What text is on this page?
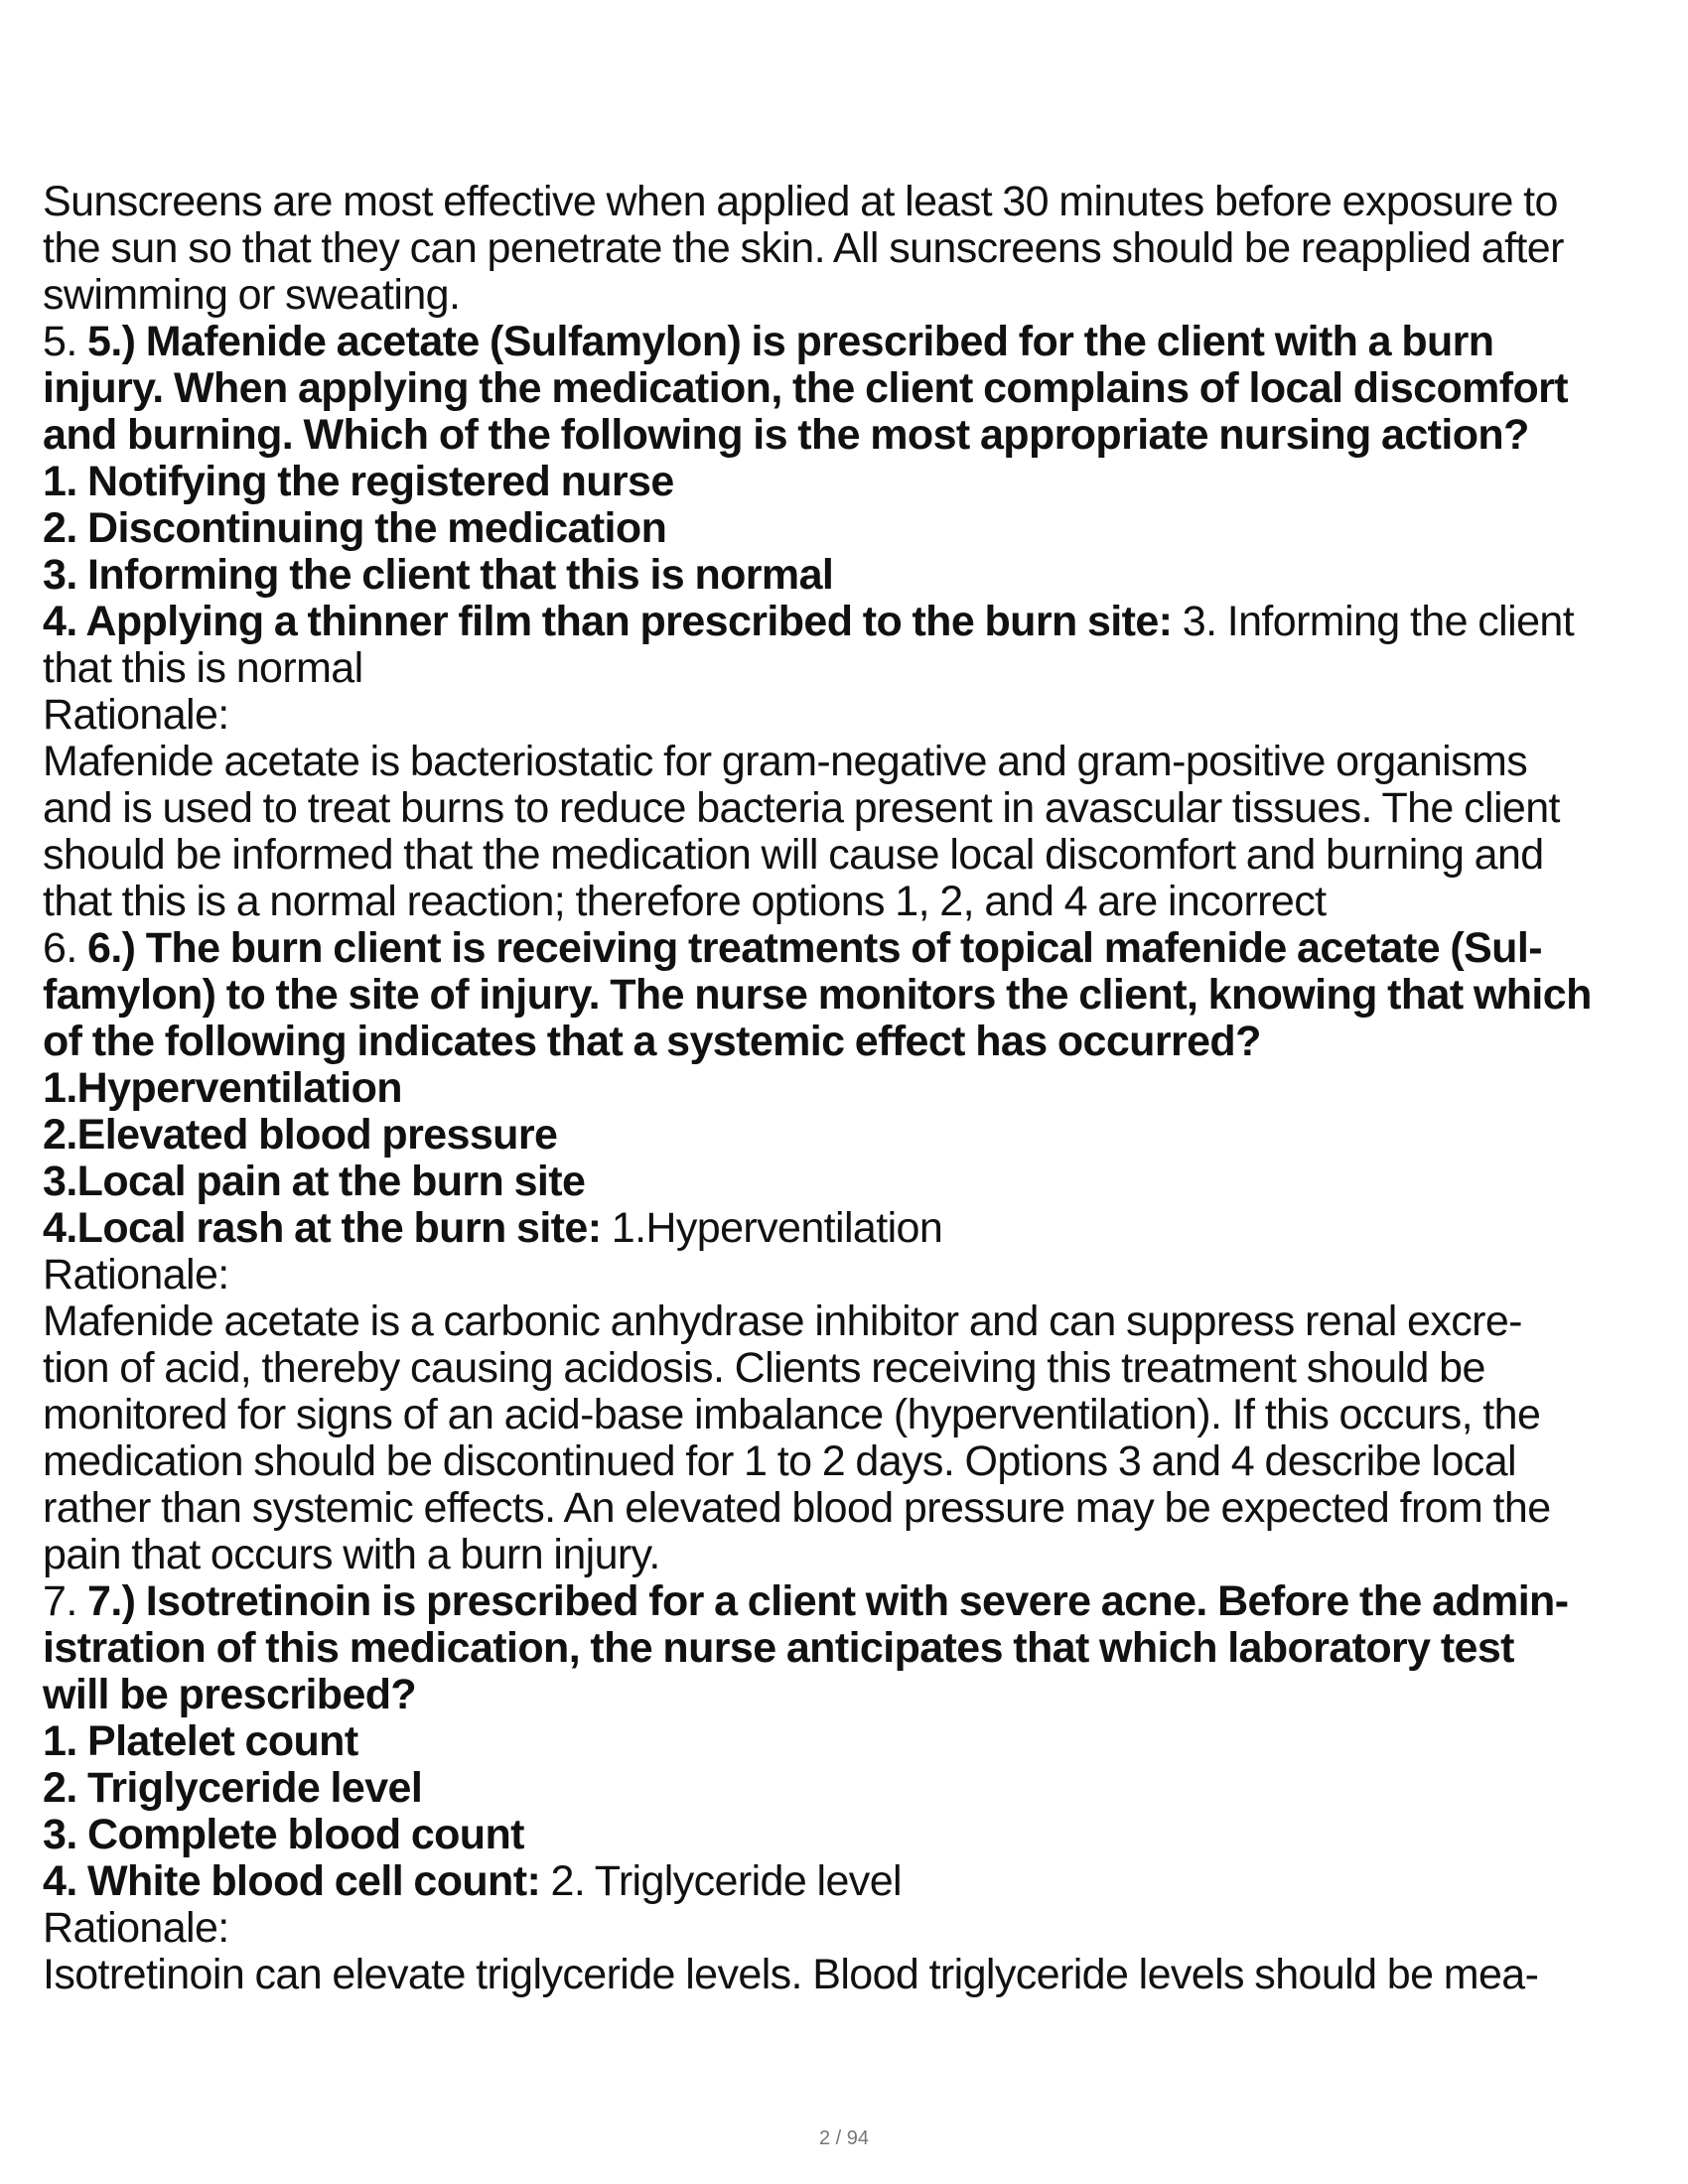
Sunscreens are most effective when applied at least 30 minutes before exposure to
the sun so that they can penetrate the skin. All sunscreens should be reapplied after
swimming or sweating.
5. 5.) Mafenide acetate (Sulfamylon) is prescribed for the client with a burn
injury. When applying the medication, the client complains of local discomfort
and burning. Which of the following is the most appropriate nursing action?
1. Notifying the registered nurse
2. Discontinuing the medication
3. Informing the client that this is normal
4. Applying a thinner film than prescribed to the burn site: 3. Informing the client
that this is normal
Rationale:
Mafenide acetate is bacteriostatic for gram-negative and gram-positive organisms
and is used to treat burns to reduce bacteria present in avascular tissues. The client
should be informed that the medication will cause local discomfort and burning and
that this is a normal reaction; therefore options 1, 2, and 4 are incorrect
6. 6.) The burn client is receiving treatments of topical mafenide acetate (Sul-
famylon) to the site of injury. The nurse monitors the client, knowing that which
of the following indicates that a systemic effect has occurred?
1.Hyperventilation
2.Elevated blood pressure
3.Local pain at the burn site
4.Local rash at the burn site: 1.Hyperventilation
Rationale:
Mafenide acetate is a carbonic anhydrase inhibitor and can suppress renal excre-
tion of acid, thereby causing acidosis. Clients receiving this treatment should be
monitored for signs of an acid-base imbalance (hyperventilation). If this occurs, the
medication should be discontinued for 1 to 2 days. Options 3 and 4 describe local
rather than systemic effects. An elevated blood pressure may be expected from the
pain that occurs with a burn injury.
7. 7.) Isotretinoin is prescribed for a client with severe acne. Before the admin-
istration of this medication, the nurse anticipates that which laboratory test
will be prescribed?
1. Platelet count
2. Triglyceride level
3. Complete blood count
4. White blood cell count: 2. Triglyceride level
Rationale:
Isotretinoin can elevate triglyceride levels. Blood triglyceride levels should be mea-
2 / 94
